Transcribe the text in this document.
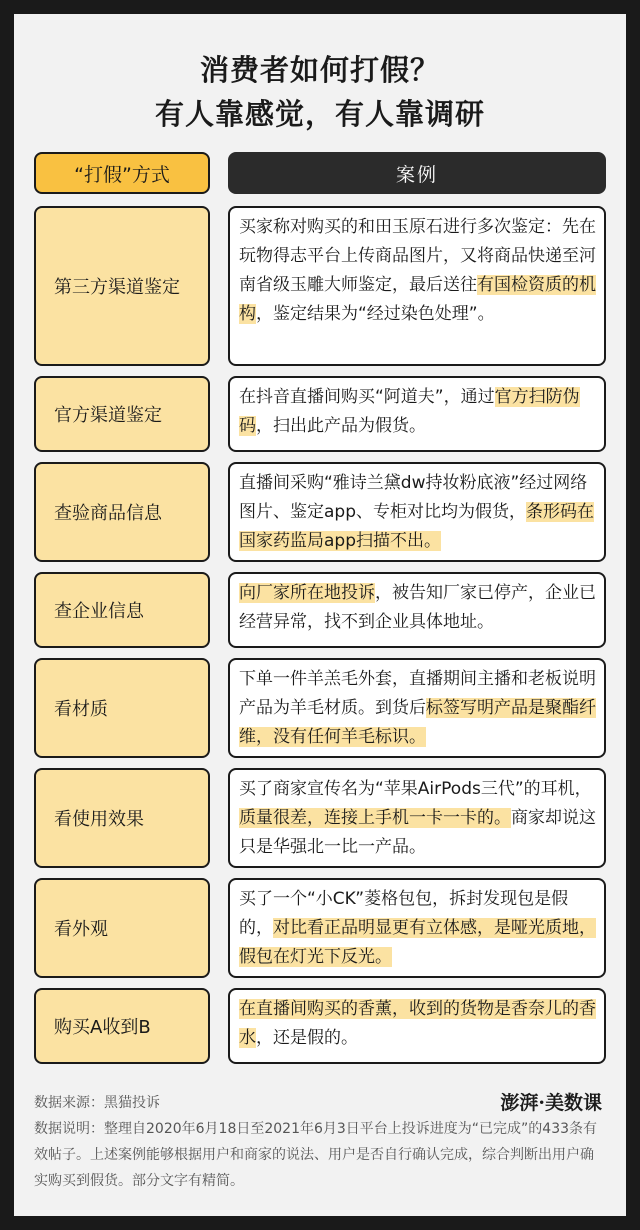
消费者如何打假？
有人靠感觉，有人靠调研
“打假”方式	案例
第三方渠道鉴定
买家称对购买的和田玉原石进行多次鉴定：先在玩物得志平台上传商品图片，又将商品快递至河南省级玉雕大师鉴定，最后送往有国检资质的机构，鉴定结果为“经过染色处理”。
官方渠道鉴定
在抖音直播间购买“阿道夫”，通过官方扫防伪码，扫出此产品为假货。
查验商品信息
直播间采购“雅诗兰黛dw持妆粉底液”经过网络图片、鉴定app、专柜对比均为假货，条形码在国家药监局app扫描不出。
查企业信息
向厂家所在地投诉，被告知厂家已停产，企业已经营异常，找不到企业具体地址。
看材质
下单一件羊羔毛外套，直播期间主播和老板说明产品为羊毛材质。到货后标签写明产品是聚酯纤维，没有任何羊毛标识。
看使用效果
买了商家宣传名为“苹果AirPods三代”的耳机，质量很差，连接上手机一卡一卡的。商家却说这只是华强北一比一产品。
看外观
买了一个“小CK”菱格包包，拆封发现包是假的，对比看正品明显更有立体感，是哑光质地，假包在灯光下反光。
购买A收到B
在直播间购买的香薰，收到的货物是香奈儿的香水，还是假的。
数据来源：黑猫投诉	澎湃·美数课
数据说明：整理自2020年6月18日至2021年6月3日平台上投诉进度为“已完成”的433条有效帖子。上述案例能够根据用户和商家的说法、用户是否自行确认完成，综合判断出用户确实购买到假货。部分文字有精简。
